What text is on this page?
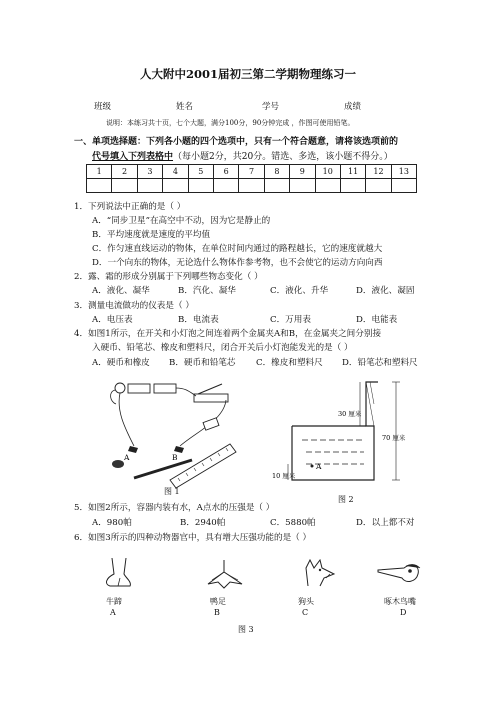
人大附中2001届初三第二学期物理练习一
班级	姓名	学号	成绩
说明：本练习共十页，七个大题，满分100分，90分钟完成 ，作图可使用铅笔。
一、单项选择题：下列各小题的四个选项中，只有一个符合题意，请将该选项前的
代号填入下列表格中（每小题2分，共20分。错选、多选，该小题不得分。）
1	2	3	4	5	6	7	8	9	10	11	12	13

1．下列说法中正确的是（ ）
A．“同步卫星”在高空中不动，因为它是静止的
B．平均速度就是速度的平均值
C．作匀速直线运动的物体，在单位时间内通过的路程越长，它的速度就越大
D．一个向东的物体，无论选什么物体作参考物，也不会使它的运动方向向西
2．露、霜的形成分别属于下列哪些物态变化（ ）
A．液化、凝华	B．汽化、凝华	C．液化、升华	D．液化、凝固
3．测量电流做功的仪表是（ ）
A．电压表	B．电流表	C．万用表	D．电能表
4．如图1所示，在开关和小灯泡之间连着两个金属夹A和B，在金属夹之间分别接
入硬币、铅笔芯、橡皮和塑料尺，闭合开关后小灯泡能发光的是（ ）
A．硬币和橡皮 B．硬币和铅笔芯 C．橡皮和塑料尺 D．铅笔芯和塑料尺
A	B
图 1
A
30 厘米
70 厘米
10 厘米
图 2
5．如图2所示，容器内装有水，A点水的压强是（ ）
A．980帕	B．2940帕	C．5880帕	D．以上都不对
6．如图3所示的四种动物器官中，具有增大压强功能的是（ ）
牛蹄
A
鸭足
B
狗头
C
啄木鸟嘴
D
图 3
